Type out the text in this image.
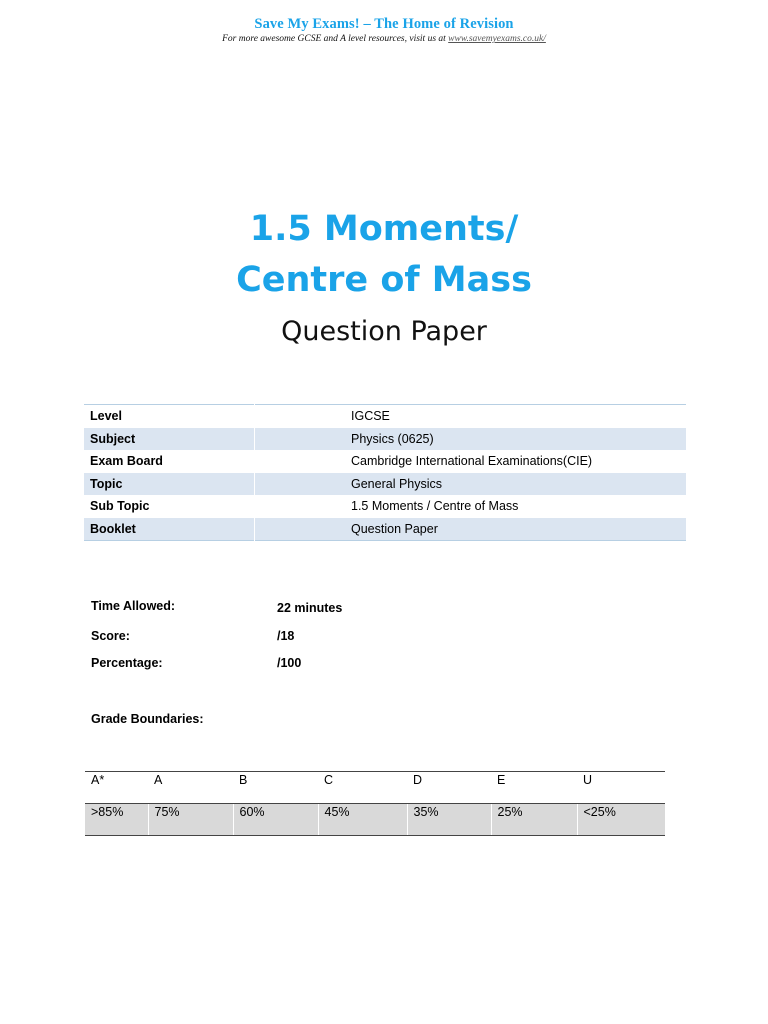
Save My Exams! – The Home of Revision
For more awesome GCSE and A level resources, visit us at www.savemyexams.co.uk/
1.5 Moments/
Centre of Mass
Question Paper
Level		IGCSE
Subject		Physics (0625)
Exam Board		Cambridge International Examinations(CIE)
Topic		General Physics
Sub Topic		1.5 Moments / Centre of Mass
Booklet		Question Paper
Time Allowed:	22 minutes
Score:	/18
Percentage:	/100
Grade Boundaries:
A*	A	B	C	D	E	U
>85%	75%	60%	45%	35%	25%	<25%
